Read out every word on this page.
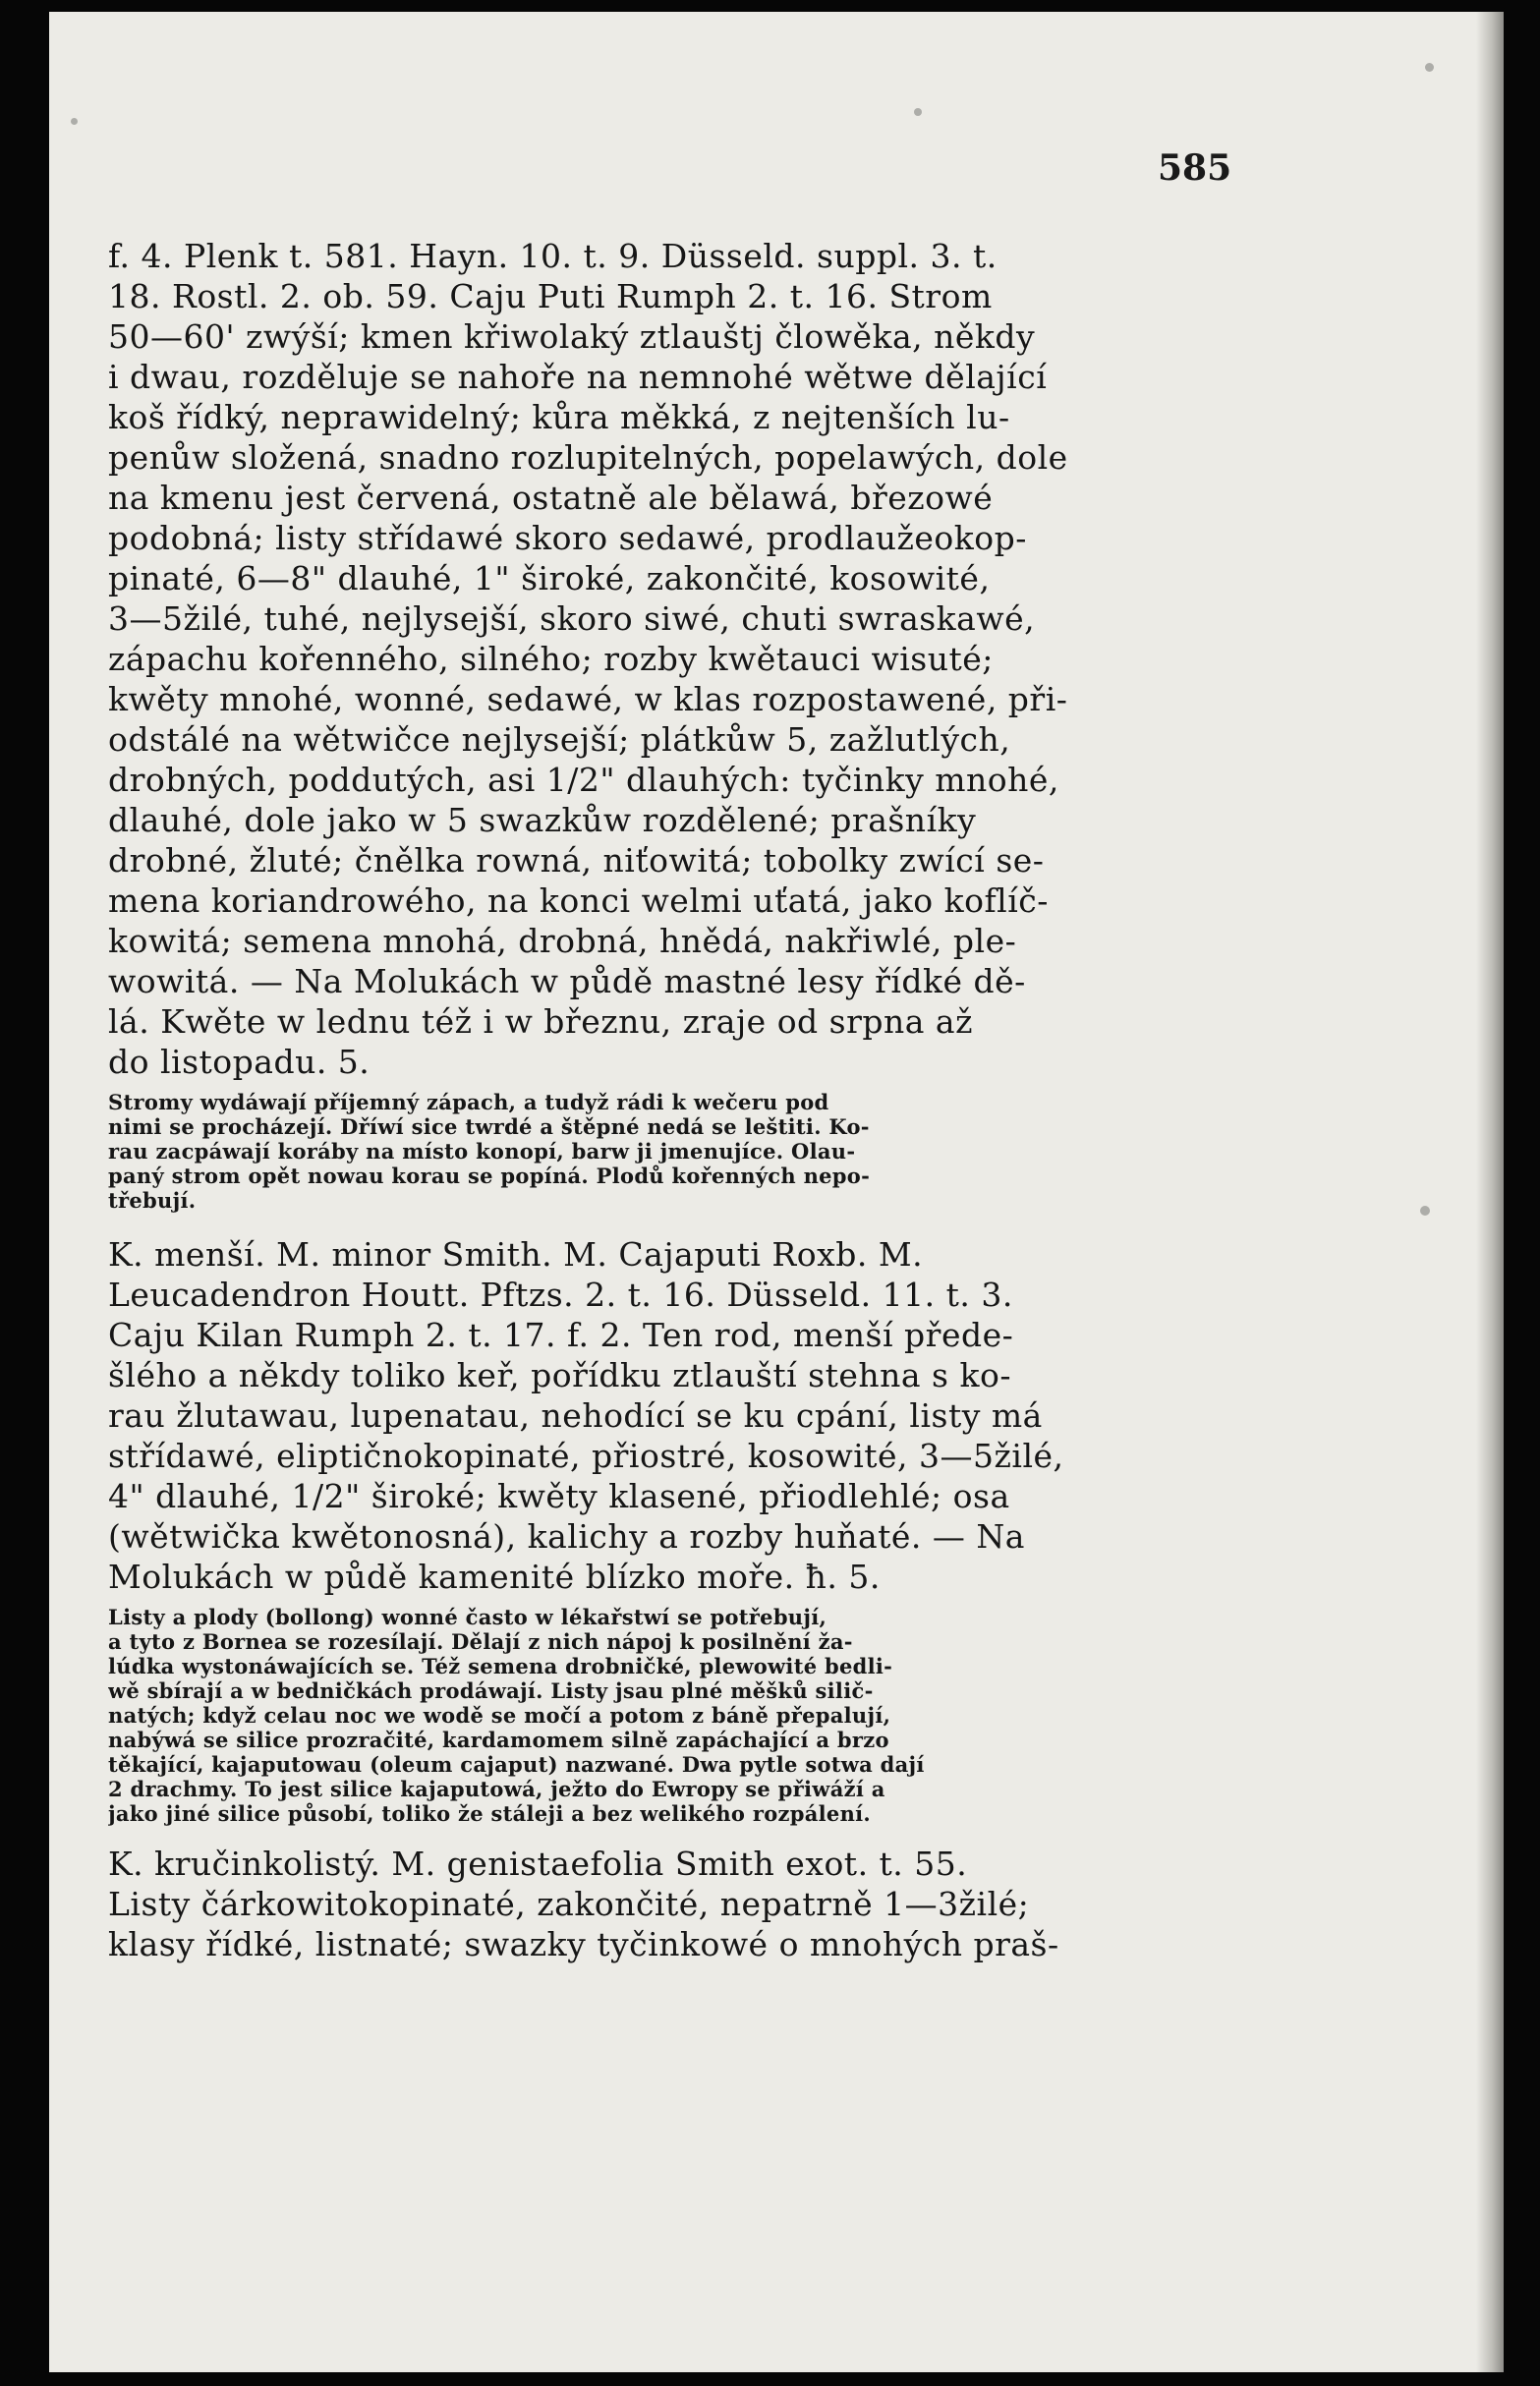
585
f. 4. Plenk t. 581. Hayn. 10. t. 9. Düsseld. suppl. 3. t.
18. Rostl. 2. ob. 59. Caju Puti Rumph 2. t. 16. Strom
50—60' zwýší; kmen křiwolaký ztlauštj člowěka, někdy
i dwau, rozděluje se nahoře na nemnohé wětwe dělající
koš řídký, neprawidelný; kůra měkká, z nejtenších lu-
penůw složená, snadno rozlupitelných, popelawých, dole
na kmenu jest červená, ostatně ale bělawá, březowé
podobná; listy střídawé skoro sedawé, prodlaužeokop-
pinaté, 6—8" dlauhé, 1" široké, zakončité, kosowité,
3—5žilé, tuhé, nejlysejší, skoro siwé, chuti swraskawé,
zápachu kořenného, silného; rozby kwětauci wisuté;
kwěty mnohé, wonné, sedawé, w klas rozpostawené, při-
odstálé na wětwičce nejlysejší; plátkůw 5, zažlutlých,
drobných, poddutých, asi 1/2" dlauhých: tyčinky mnohé,
dlauhé, dole jako w 5 swazkůw rozdělené; prašníky
drobné, žluté; čnělka rowná, niťowitá; tobolky zwící se-
mena koriandrowého, na konci welmi uťatá, jako koflíč-
kowitá; semena mnohá, drobná, hnědá, nakřiwlé, ple-
wowitá. — Na Molukách w půdě mastné lesy řídké dě-
lá. Kwěte w lednu též i w březnu, zraje od srpna až
do listopadu. 5.
Stromy wydáwají příjemný zápach, a tudyž rádi k wečeru pod
nimi se procházejí. Dříwí sice twrdé a štěpné nedá se leštiti. Ko-
rau zacpáwají koráby na místo konopí, barw ji jmenujíce. Olau-
paný strom opět nowau korau se popíná. Plodů kořenných nepo-
třebují.
K. menší. M. minor Smith. M. Cajaputi Roxb. M.
Leucadendron Houtt. Pftzs. 2. t. 16. Düsseld. 11. t. 3.
Caju Kilan Rumph 2. t. 17. f. 2. Ten rod, menší přede-
šlého a někdy toliko keř, pořídku ztlauští stehna s ko-
rau žlutawau, lupenatau, nehodící se ku cpání, listy má
střídawé, eliptičnokopinaté, přiostré, kosowité, 3—5žilé,
4" dlauhé, 1/2" široké; kwěty klasené, přiodlehlé; osa
(wětwička kwětonosná), kalichy a rozby huňaté. — Na
Molukách w půdě kamenité blízko moře. ħ. 5.
Listy a plody (bollong) wonné často w lékařstwí se potřebují,
a tyto z Bornea se rozesílají. Dělají z nich nápoj k posilnění ža-
lúdka wystonáwajících se. Též semena drobničké, plewowité bedli-
wě sbírají a w bedničkách prodáwají. Listy jsau plné měšků silič-
natých; když celau noc we wodě se močí a potom z báně přepalují,
nabýwá se silice prozračité, kardamomem silně zapáchající a brzo
těkající, kajaputowau (oleum cajaput) nazwané. Dwa pytle sotwa dají
2 drachmy. To jest silice kajaputowá, ježto do Ewropy se přiwáží a
jako jiné silice působí, toliko že stáleji a bez welikého rozpálení.
K. kručinkolistý. M. genistaefolia Smith exot. t. 55.
Listy čárkowitokopinaté, zakončité, nepatrně 1—3žilé;
klasy řídké, listnaté; swazky tyčinkowé o mnohých praš-
